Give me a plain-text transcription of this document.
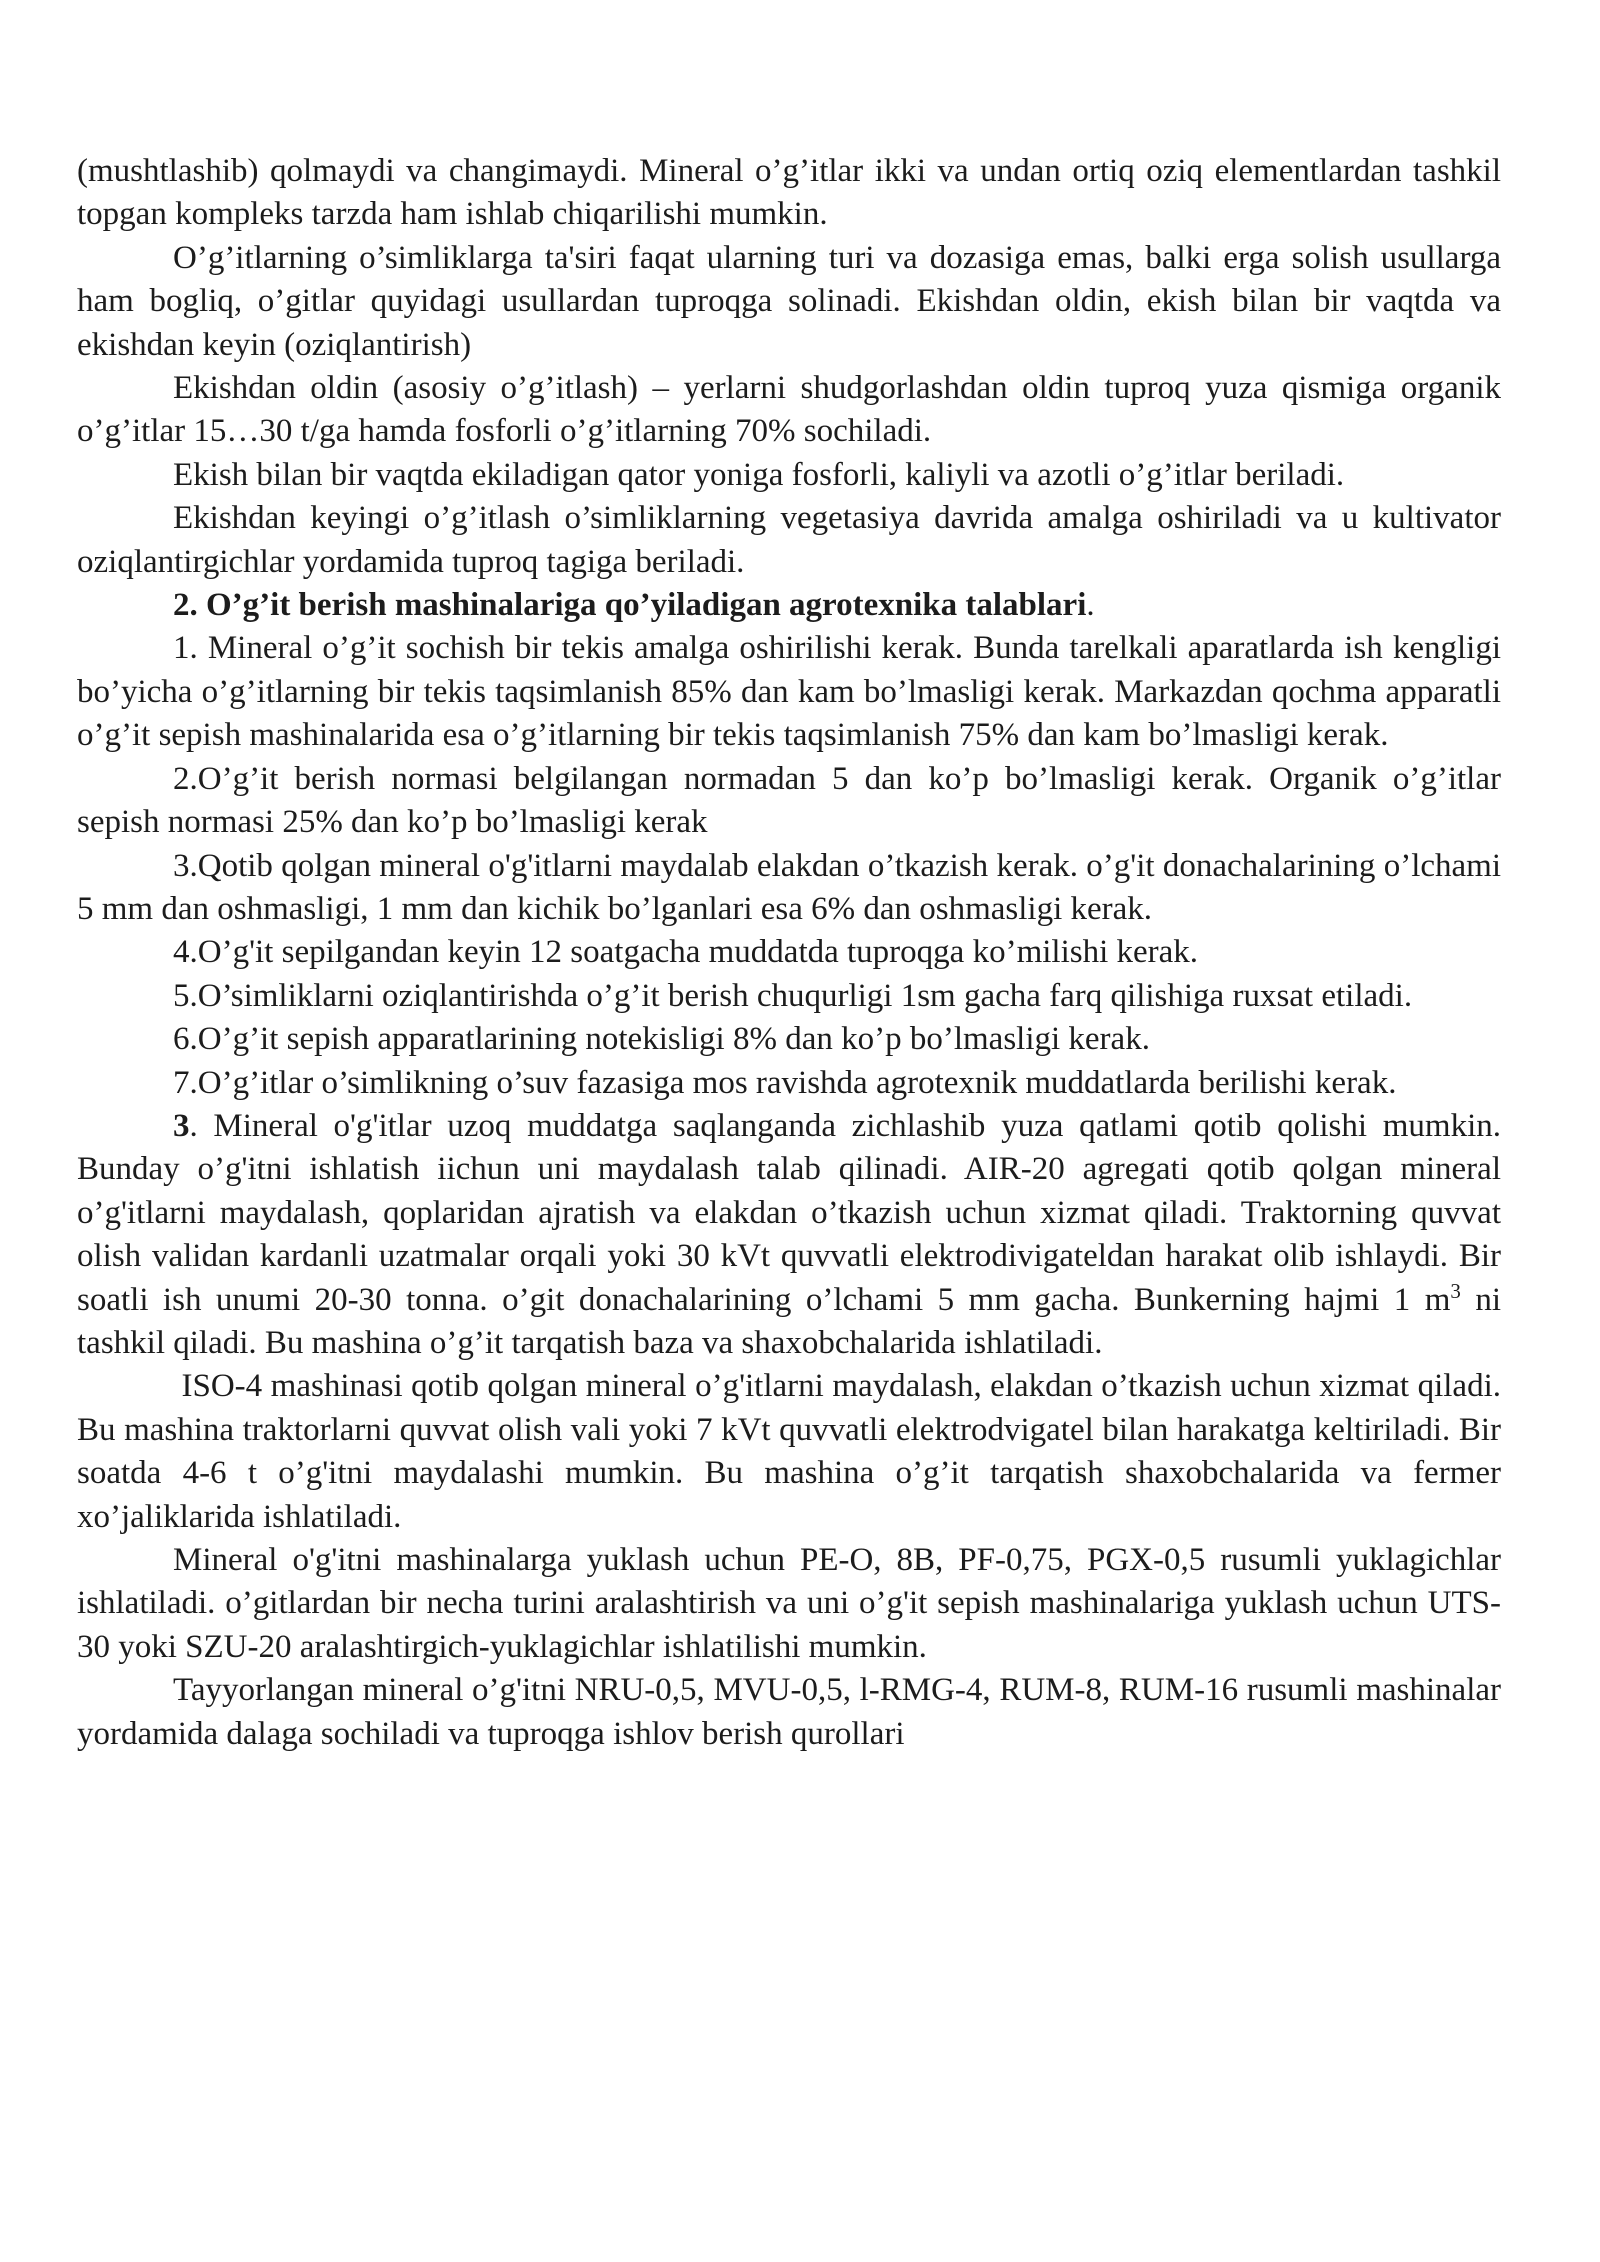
(mushtlashib) qolmaydi va changimaydi. Mineral o’g’itlar ikki va undan ortiq oziq elementlardan tashkil topgan kompleks tarzda ham ishlab chiqarilishi mumkin.

O’g’itlarning o’simliklarga ta'siri faqat ularning turi va dozasiga emas, balki erga solish usullarga ham bogliq, o’gitlar quyidagi usullardan tuproqga solinadi. Ekishdan oldin, ekish bilan bir vaqtda va ekishdan keyin (oziqlantirish)

Ekishdan oldin (asosiy o’g’itlash) – yerlarni shudgorlashdan oldin tuproq yuza qismiga organik o’g’itlar 15…30 t/ga hamda fosforli o’g’itlarning 70% sochiladi.

Ekish bilan bir vaqtda ekiladigan qator yoniga fosforli, kaliyli va azotli o’g’itlar beriladi.

Ekishdan keyingi o’g’itlash o’simliklarning vegetasiya davrida amalga oshiriladi va u kultivator oziqlantirgichlar yordamida tuproq tagiga beriladi.

2. O’g’it berish mashinalariga qo’yiladigan agrotexnika talablari.

1. Mineral o’g’it sochish bir tekis amalga oshirilishi kerak. Bunda tarelkali aparatlarda ish kengligi bo’yicha o’g’itlarning bir tekis taqsimlanish 85% dan kam bo’lmasligi kerak. Markazdan qochma apparatli o’g’it sepish mashinalarida esa o’g’itlarning bir tekis taqsimlanish 75% dan kam bo’lmasligi kerak.

2.O’g’it berish normasi belgilangan normadan 5 dan ko’p bo’lmasligi kerak. Organik o’g’itlar sepish normasi 25% dan ko’p bo’lmasligi kerak

3.Qotib qolgan mineral o'g'itlarni maydalab elakdan o’tkazish kerak. o’g'it donachalarining o’lchami 5 mm dan oshmasligi, 1 mm dan kichik bo’lganlari esa 6% dan oshmasligi kerak.

4.O’g'it sepilgandan keyin 12 soatgacha muddatda tuproqga ko’milishi kerak.

5.O’simliklarni oziqlantirishda o’g’it berish chuqurligi 1sm gacha farq qilishiga ruxsat etiladi.

6.O’g’it sepish apparatlarining notekisligi 8% dan ko’p bo’lmasligi kerak.

7.O’g’itlar o’simlikning o’suv fazasiga mos ravishda agrotexnik muddatlarda berilishi kerak.

3. Mineral o'g'itlar uzoq muddatga saqlanganda zichlashib yuza qatlami qotib qolishi mumkin. Bunday o’g'itni ishlatish iichun uni maydalash talab qilinadi. AIR-20 agregati qotib qolgan mineral o’g'itlarni maydalash, qoplaridan ajratish va elakdan o’tkazish uchun xizmat qiladi. Traktorning quvvat olish validan kardanli uzatmalar orqali yoki 30 kVt quvvatli elektrodivigateldan harakat olib ishlaydi. Bir soatli ish unumi 20-30 tonna. o’git donachalarining o’lchami 5 mm gacha. Bunkerning hajmi 1 $m^3$ ni tashkil qiladi. Bu mashina o’g’it tarqatish baza va shaxobchalarida ishlatiladi.

ISO-4 mashinasi qotib qolgan mineral o’g'itlarni maydalash, elakdan o’tkazish uchun xizmat qiladi. Bu mashina traktorlarni quvvat olish vali yoki 7 kVt quvvatli elektrodvigatel bilan harakatga keltiriladi. Bir soatda 4-6 t o’g'itni maydalashi mumkin. Bu mashina o’g’it tarqatish shaxobchalarida va fermer xo’jaliklarida ishlatiladi.

Mineral o'g'itni mashinalarga yuklash uchun PE-O, 8B, PF-0,75, PGX-0,5 rusumli yuklagichlar ishlatiladi. o’gitlardan bir necha turini aralashtirish va uni o’g'it sepish mashinalariga yuklash uchun UTS-30 yoki SZU-20 aralashtirgich-yuklagichlar ishlatilishi mumkin.

Tayyorlangan mineral o’g'itni NRU-0,5, MVU-0,5, l-RMG-4, RUM-8, RUM-16 rusumli mashinalar yordamida dalaga sochiladi va tuproqga ishlov berish qurollari
